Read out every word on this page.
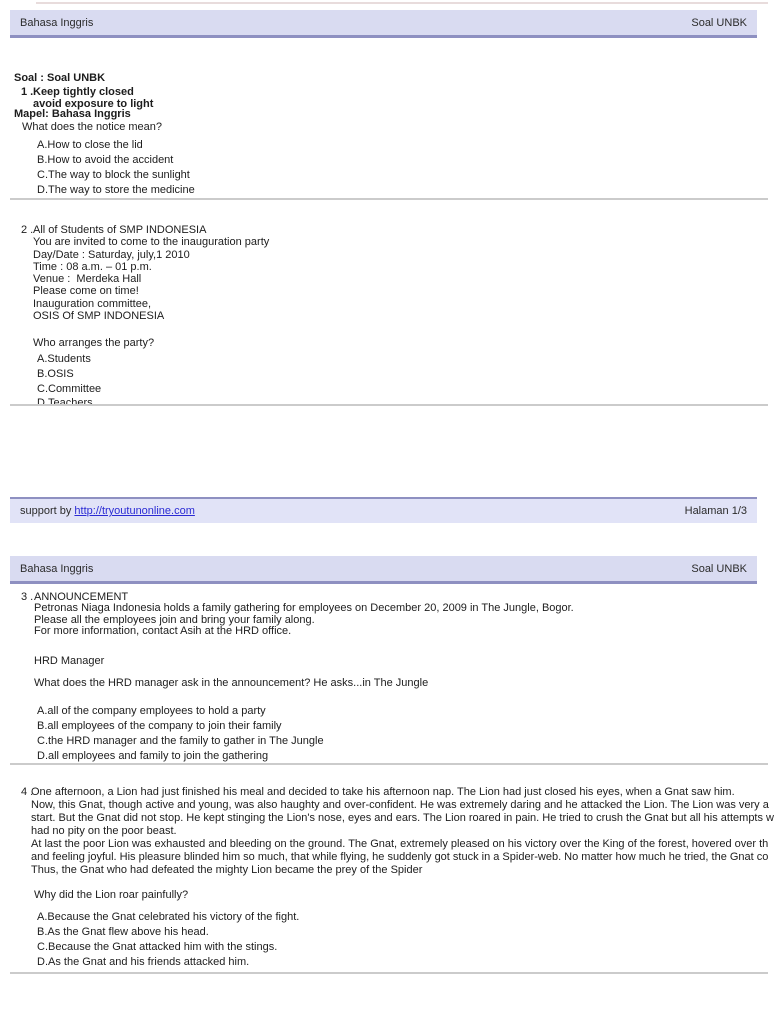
Bahasa Inggris	Soal UNBK

Soal : Soal UNBK

Mapel: Bahasa Inggris

1 . Keep tightly closed
avoid exposure to light
What does the notice mean?
A.How to close the lid
B.How to avoid the accident
C.The way to block the sunlight
D.The way to store the medicine
2 . All of Students of SMP INDONESIA
You are invited to come to the inauguration party
Day/Date : Saturday, july,1 2010
Time : 08 a.m. – 01 p.m.
Venue :  Merdeka Hall
Please come on time!
Inauguration committee,
OSIS Of SMP INDONESIA
Who arranges the party?
A.Students
B.OSIS
C.Committee
support by http://tryoutunonline.com	Halaman 1/3
Bahasa Inggris	Soal UNBK
3 . ANNOUNCEMENT
Petronas Niaga Indonesia holds a family gathering for employees on December 20, 2009 in The Jungle, Bogor.
Please all the employees join and bring your family along.
For more information, contact Asih at the HRD office.
HRD Manager
What does the HRD manager ask in the announcement? He asks...in The Jungle
A.all of the company employees to hold a party
B.all employees of the company to join their family
C.the HRD manager and the family to gather in The Jungle
D.all employees and family to join the gathering
4 .
One afternoon, a Lion had just finished his meal and decided to take his afternoon nap. The Lion had just closed his eyes, when a Gnat saw him.
Now, this Gnat, though active and young, was also haughty and over-confident. He was extremely daring and he attacked the Lion. The Lion was very a
start. But the Gnat did not stop. He kept stinging the Lion's nose, eyes and ears. The Lion roared in pain. He tried to crush the Gnat but all his attempts w
had no pity on the poor beast.
At last the poor Lion was exhausted and bleeding on the ground. The Gnat, extremely pleased on his victory over the King of the forest, hovered over th
and feeling joyful. His pleasure blinded him so much, that while flying, he suddenly got stuck in a Spider-web. No matter how much he tried, the Gnat co
Thus, the Gnat who had defeated the mighty Lion became the prey of the Spider
Why did the Lion roar painfully?
A.Because the Gnat celebrated his victory of the fight.
B.As the Gnat flew above his head.
C.Because the Gnat attacked him with the stings.
D.As the Gnat and his friends attacked him.
